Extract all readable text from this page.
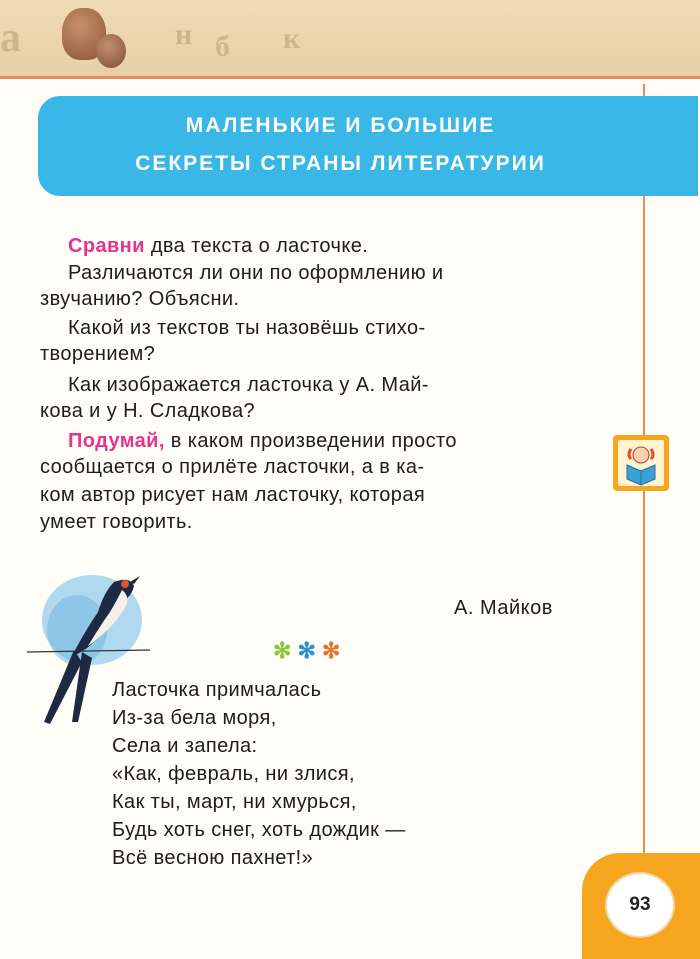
а	н б к
МАЛЕНЬКИЕ И БОЛЬШИЕ
СЕКРЕТЫ СТРАНЫ ЛИТЕРАТУРИИ
Сравни два текста о ласточке.
Различаются ли они по оформлению и
звучанию? Объясни.
Какой из текстов ты назовёшь стихо-
творением?
Как изображается ласточка у А. Май-
кова и у Н. Сладкова?
Подумай, в каком произведении просто
сообщается о прилёте ласточки, а в ка-
ком автор рисует нам ласточку, которая
умеет говорить.
А. Майков
✻✻✻
Ласточка примчалась
Из-за бела моря,
Села и запела:
«Как, февраль, ни злися,
Как ты, март, ни хмурься,
Будь хоть снег, хоть дождик —
Всё весною пахнет!»
93
